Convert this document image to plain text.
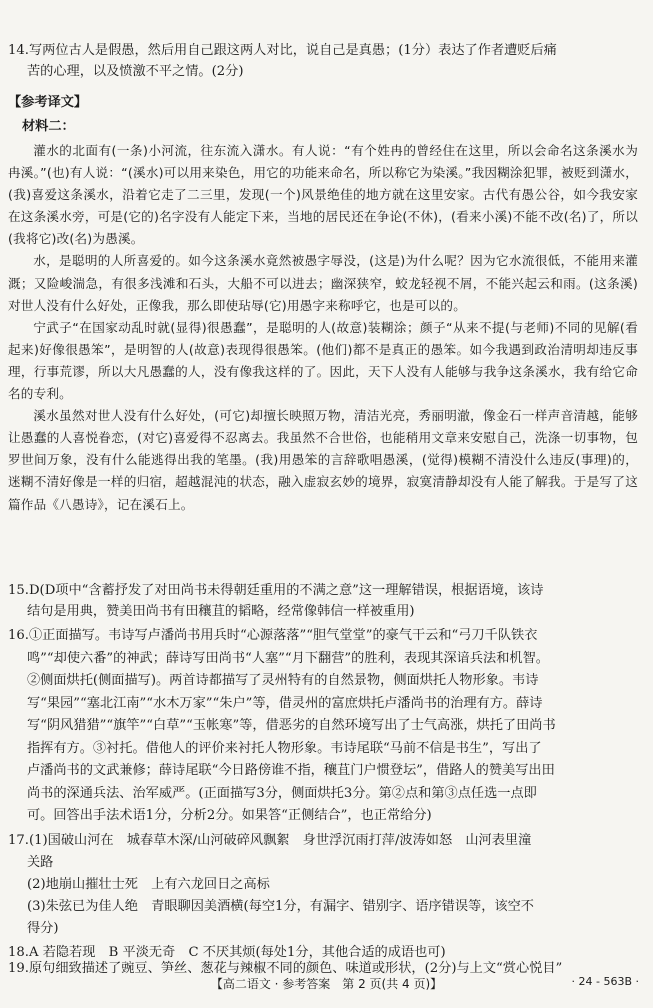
14.写两位古人是假愚，然后用自己跟这两人对比，说自己是真愚；(1分）表达了作者遭贬后痛

苦的心理，以及愤激不平之情。(2分)

【参考译文】
材料二：

灌水的北面有(一条)小河流，往东流入潇水。有人说：“有个姓冉的曾经住在这里，所以会命名这条溪水为冉溪。”(也)有人说：“(溪水)可以用来染色，用它的功能来命名，所以称它为染溪。”我因糊涂犯罪，被贬到潇水，(我)喜爱这条溪水，沿着它走了二三里，发现(一个)风景绝佳的地方就在这里安家。古代有愚公谷，如今我安家在这条溪水旁，可是(它的)名字没有人能定下来，当地的居民还在争论(不休)，(看来小溪)不能不改(名)了，所以(我将它)改(名)为愚溪。

水，是聪明的人所喜爱的。如今这条溪水竟然被愚字辱没，(这是)为什么呢？因为它水流很低，不能用来灌溉；又险峻湍急，有很多浅滩和石头，大船不可以进去；幽深狭窄，蛟龙轻视不屑，不能兴起云和雨。(这条溪)对世人没有什么好处，正像我，那么即使玷辱(它)用愚字来称呼它，也是可以的。

宁武子“在国家动乱时就(显得)很愚蠢”，是聪明的人(故意)装糊涂；颜子“从来不提(与老师)不同的见解(看起来)好像很愚笨”，是明智的人(故意)表现得很愚笨。(他们)都不是真正的愚笨。如今我遇到政治清明却违反事理，行事荒谬，所以大凡愚蠢的人，没有像我这样的了。因此，天下人没有人能够与我争这条溪水，我有给它命名的专利。

溪水虽然对世人没有什么好处，(可它)却擅长映照万物，清洁光亮，秀丽明澈，像金石一样声音清越，能够让愚蠢的人喜悦眷恋，(对它)喜爱得不忍离去。我虽然不合世俗，也能稍用文章来安慰自己，洗涤一切事物，包罗世间万象，没有什么能逃得出我的笔墨。(我)用愚笨的言辞歌唱愚溪，(觉得)模糊不清没什么违反(事理)的，迷糊不清好像是一样的归宿，超越混沌的状态，融入虚寂玄妙的境界，寂寞清静却没有人能了解我。于是写了这篇作品《八愚诗》，记在溪石上。

15.D(D项中“含蓄抒发了对田尚书未得朝廷重用的不满之意”这一理解错误，根据语境，该诗

结句是用典，赞美田尚书有田穰苴的韬略，经常像韩信一样被重用)

16.①正面描写。韦诗写卢潘尚书用兵时“心源落落”“胆气堂堂”的豪气干云和“弓刀千队铁衣

鸣”“却使六番”的神武；薛诗写田尚书“人塞”“月下翻营”的胜利，表现其深谙兵法和机智。

②侧面烘托(侧面描写)。两首诗都描写了灵州特有的自然景物，侧面烘托人物形象。韦诗

写“果园”“塞北江南”“水木万家”“朱户”等，借灵州的富庶烘托卢潘尚书的治理有方。薛诗

写“阴风猎猎”“旗竿”“白草”“玉帐寒”等，借恶劣的自然环境写出了士气高涨，烘托了田尚书

指挥有方。③衬托。借他人的评价来衬托人物形象。韦诗尾联“马前不信是书生”，写出了

卢潘尚书的文武兼修；薛诗尾联“今日路傍谁不指，穰苴门户惯登坛”，借路人的赞美写出田

尚书的深通兵法、治军威严。(正面描写3分，侧面烘托3分。第②点和第③点任选一点即

可。回答出手法术语1分，分析2分。如果答“正侧结合”，也正常给分)

17.(1)国破山河在　城春草木深/山河破碎风飘絮　身世浮沉雨打萍/波涛如怒　山河表里潼

关路

(2)地崩山摧壮士死　上有六龙回日之高标

(3)朱弦已为佳人绝　青眼聊因美酒横(每空1分，有漏字、错别字、语序错误等，该空不

得分)

18.A 若隐若现　B 平淡无奇　C 不厌其烦(每处1分，其他合适的成语也可)
19.原句细致描述了豌豆、笋丝、葱花与辣椒不同的颜色、味道或形状，(2分)与上文“赏心悦目”
【高二语文 · 参考答案　第 2 页(共 4 页)】	· 24 - 563B ·
